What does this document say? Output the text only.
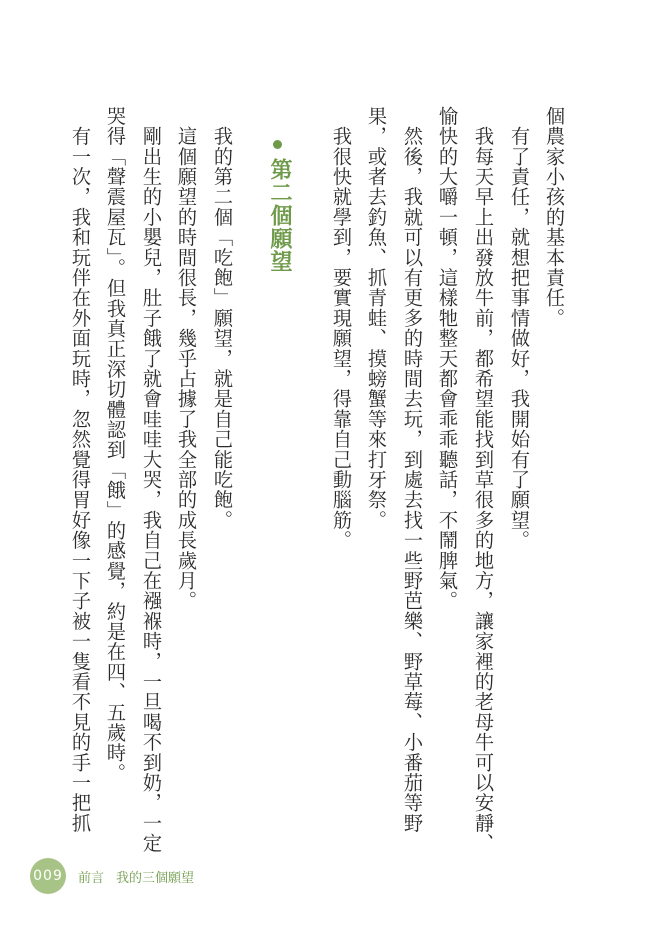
個農家小孩的基本責任。
　有了責任，就想把事情做好，我開始有了願望。
　我每天早上出發放牛前，都希望能找到草很多的地方，讓家裡的老母牛可以安靜、
愉快的大嚼一頓，這樣牠整天都會乖乖聽話，不鬧脾氣。
　然後，我就可以有更多的時間去玩，到處去找一些野芭樂、野草莓、小番茄等野
果，或者去釣魚、抓青蛙、摸螃蟹等來打牙祭。
　我很快就學到，要實現願望，得靠自己動腦筋。
第二個願望
　我的第二個「吃飽」願望，就是自己能吃飽。
　這個願望的時間很長，幾乎占據了我全部的成長歲月。
　剛出生的小嬰兒，肚子餓了就會哇哇大哭，我自己在襁褓時，一旦喝不到奶，一定
哭得「聲震屋瓦」。但我真正深切體認到「餓」的感覺，約是在四、五歲時。
　有一次，我和玩伴在外面玩時，忽然覺得胃好像一下子被一隻看不見的手一把抓
009 前言 我的三個願望
